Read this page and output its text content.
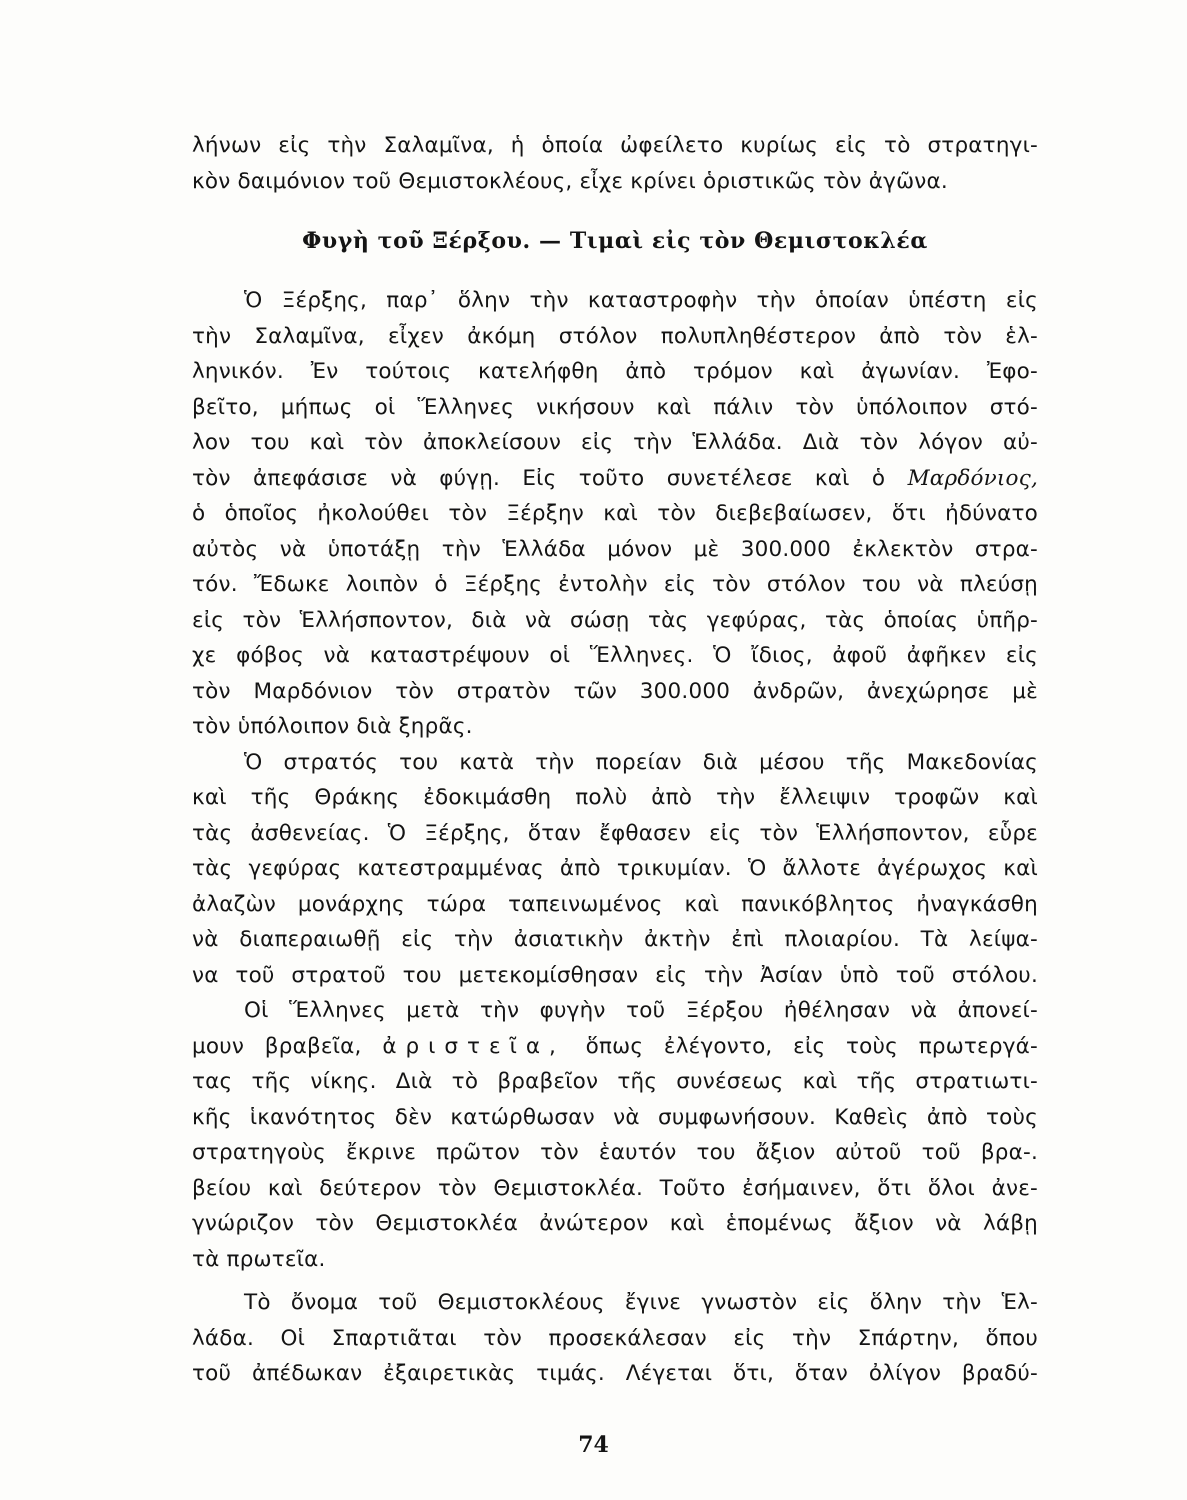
λήνων εἰς τὴν Σαλαμῖνα, ἡ ὁποία ὠφείλετο κυρίως εἰς τὸ στρατηγι-
κὸν δαιμόνιον τοῦ Θεμιστοκλέους, εἶχε κρίνει ὁριστικῶς τὸν ἀγῶνα.
Φυγὴ τοῦ Ξέρξου. — Τιμαὶ εἰς τὸν Θεμιστοκλέα
Ὁ Ξέρξης, παρ᾿ ὅλην τὴν καταστροφὴν τὴν ὁποίαν ὑπέστη εἰς
τὴν Σαλαμῖνα, εἶχεν ἀκόμη στόλον πολυπληθέστερον ἀπὸ τὸν ἑλ-
ληνικόν. Ἐν τούτοις κατελήφθη ἀπὸ τρόμον καὶ ἀγωνίαν. Ἐφο-
βεῖτο, μήπως οἱ Ἕλληνες νικήσουν καὶ πάλιν τὸν ὑπόλοιπον στό-
λον του καὶ τὸν ἀποκλείσουν εἰς τὴν Ἑλλάδα. Διὰ τὸν λόγον αὐ-
τὸν ἀπεφάσισε νὰ φύγῃ. Εἰς τοῦτο συνετέλεσε καὶ ὁ Μαρδόνιος,
ὁ ὁποῖος ἠκολούθει τὸν Ξέρξην καὶ τὸν διεβεβαίωσεν, ὅτι ἠδύνατο
αὐτὸς νὰ ὑποτάξῃ τὴν Ἑλλάδα μόνον μὲ 300.000 ἐκλεκτὸν στρα-
τόν. Ἔδωκε λοιπὸν ὁ Ξέρξης ἐντολὴν εἰς τὸν στόλον του νὰ πλεύσῃ
εἰς τὸν Ἑλλήσποντον, διὰ νὰ σώσῃ τὰς γεφύρας, τὰς ὁποίας ὑπῆρ-
χε φόβος νὰ καταστρέψουν οἱ Ἕλληνες. Ὁ ἴδιος, ἀφοῦ ἀφῆκεν εἰς
τὸν Μαρδόνιον τὸν στρατὸν τῶν 300.000 ἀνδρῶν, ἀνεχώρησε μὲ
τὸν ὑπόλοιπον διὰ ξηρᾶς.
Ὁ στρατός του κατὰ τὴν πορείαν διὰ μέσου τῆς Μακεδονίας
καὶ τῆς Θράκης ἐδοκιμάσθη πολὺ ἀπὸ τὴν ἔλλειψιν τροφῶν καὶ
τὰς ἀσθενείας. Ὁ Ξέρξης, ὅταν ἔφθασεν εἰς τὸν Ἑλλήσποντον, εὗρε
τὰς γεφύρας κατεστραμμένας ἀπὸ τρικυμίαν. Ὁ ἄλλοτε ἀγέρωχος καὶ
ἀλαζὼν μονάρχης τώρα ταπεινωμένος καὶ πανικόβλητος ἠναγκάσθη
νὰ διαπεραιωθῇ εἰς τὴν ἀσιατικὴν ἀκτὴν ἐπὶ πλοιαρίου. Τὰ λείψα-
να τοῦ στρατοῦ του μετεκομίσθησαν εἰς τὴν Ἀσίαν ὑπὸ τοῦ στόλου.
Οἱ Ἕλληνες μετὰ τὴν φυγὴν τοῦ Ξέρξου ἠθέλησαν νὰ ἀπονεί-
μουν βραβεῖα, ἀριστεῖα, ὅπως ἐλέγοντο, εἰς τοὺς πρωτεργά-
τας τῆς νίκης. Διὰ τὸ βραβεῖον τῆς συνέσεως καὶ τῆς στρατιωτι-
κῆς ἱκανότητος δὲν κατώρθωσαν νὰ συμφωνήσουν. Καθεὶς ἀπὸ τοὺς
στρατηγοὺς ἔκρινε πρῶτον τὸν ἑαυτόν του ἄξιον αὐτοῦ τοῦ βρα-.
βείου καὶ δεύτερον τὸν Θεμιστοκλέα. Τοῦτο ἐσήμαινεν, ὅτι ὅλοι ἀνε-
γνώριζον τὸν Θεμιστοκλέα ἀνώτερον καὶ ἑπομένως ἄξιον νὰ λάβῃ
τὰ πρωτεῖα.
Τὸ ὄνομα τοῦ Θεμιστοκλέους ἔγινε γνωστὸν εἰς ὅλην τὴν Ἑλ-
λάδα. Οἱ Σπαρτιᾶται τὸν προσεκάλεσαν εἰς τὴν Σπάρτην, ὅπου
τοῦ ἀπέδωκαν ἐξαιρετικὰς τιμάς. Λέγεται ὅτι, ὅταν ὀλίγον βραδύ-
74
